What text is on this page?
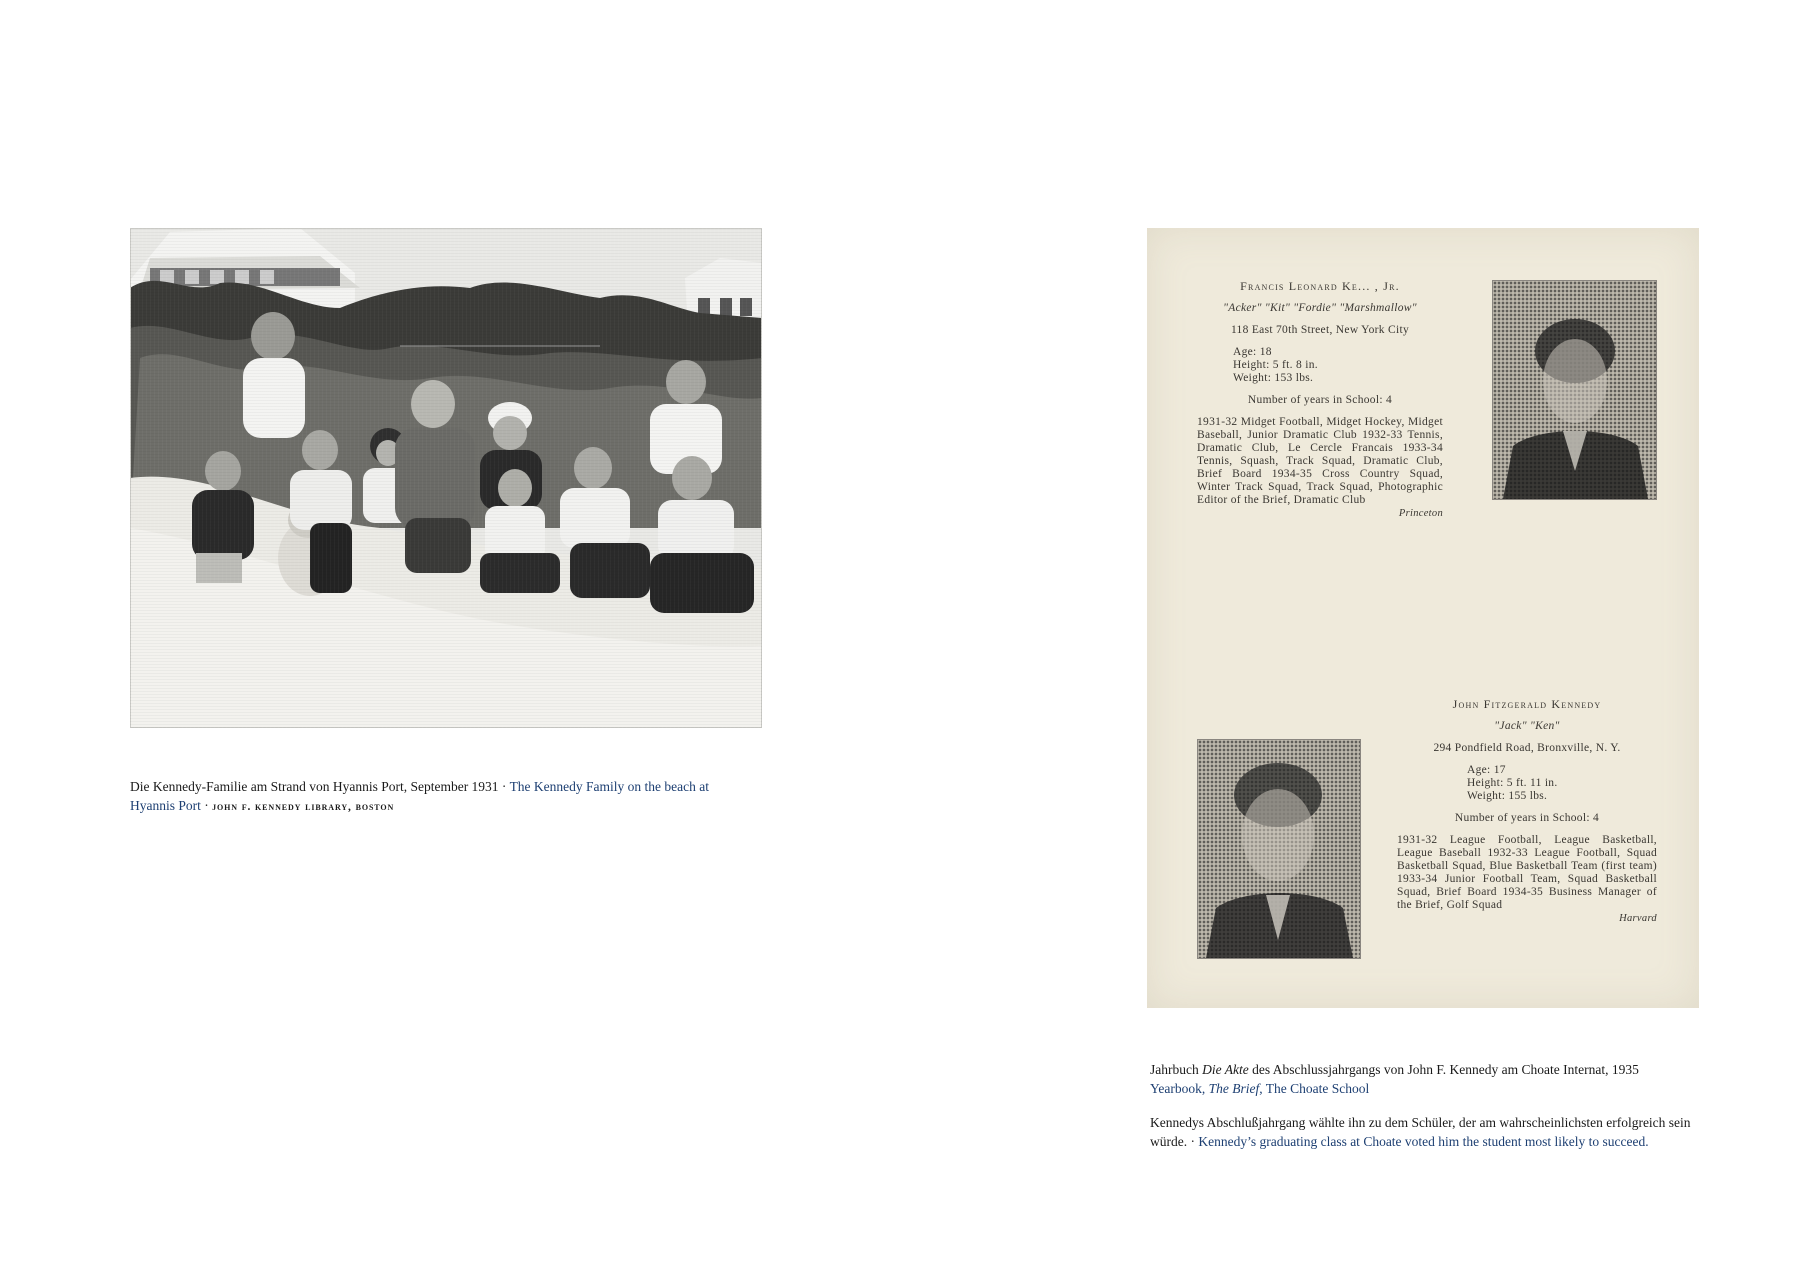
Die Kennedy-Familie am Strand von Hyannis Port, September 1931 · The Kennedy Family on the beach at Hyannis Port · john f. kennedy library, boston
Francis Leonard Ke... , Jr.
"Acker" "Kit" "Fordie" "Marshmallow"
118 East 70th Street, New York City
Age: 18
Height: 5 ft. 8 in.
Weight: 153 lbs.
Number of years in School: 4
1931-32 Midget Football, Midget Hockey, Midget Baseball, Junior Dramatic Club 1932-33 Tennis, Dramatic Club, Le Cercle Francais 1933-34 Tennis, Squash, Track Squad, Dramatic Club, Brief Board 1934-35 Cross Country Squad, Winter Track Squad, Track Squad, Photographic Editor of the Brief, Dramatic Club
Princeton
John Fitzgerald Kennedy
"Jack" "Ken"
294 Pondfield Road, Bronxville, N. Y.
Age: 17
Height: 5 ft. 11 in.
Weight: 155 lbs.
Number of years in School: 4
1931-32 League Football, League Basketball, League Baseball 1932-33 League Football, Squad Basketball Squad, Blue Basketball Team (first team) 1933-34 Junior Football Team, Squad Basketball Squad, Brief Board 1934-35 Business Manager of the Brief, Golf Squad
Harvard
Jahrbuch Die Akte des Abschlussjahrgangs von John F. Kennedy am Choate Internat, 1935
Yearbook, The Brief, The Choate School
Kennedys Abschlußjahrgang wählte ihn zu dem Schüler, der am wahrscheinlichsten erfolgreich sein würde. · Kennedy’s graduating class at Choate voted him the student most likely to succeed.
